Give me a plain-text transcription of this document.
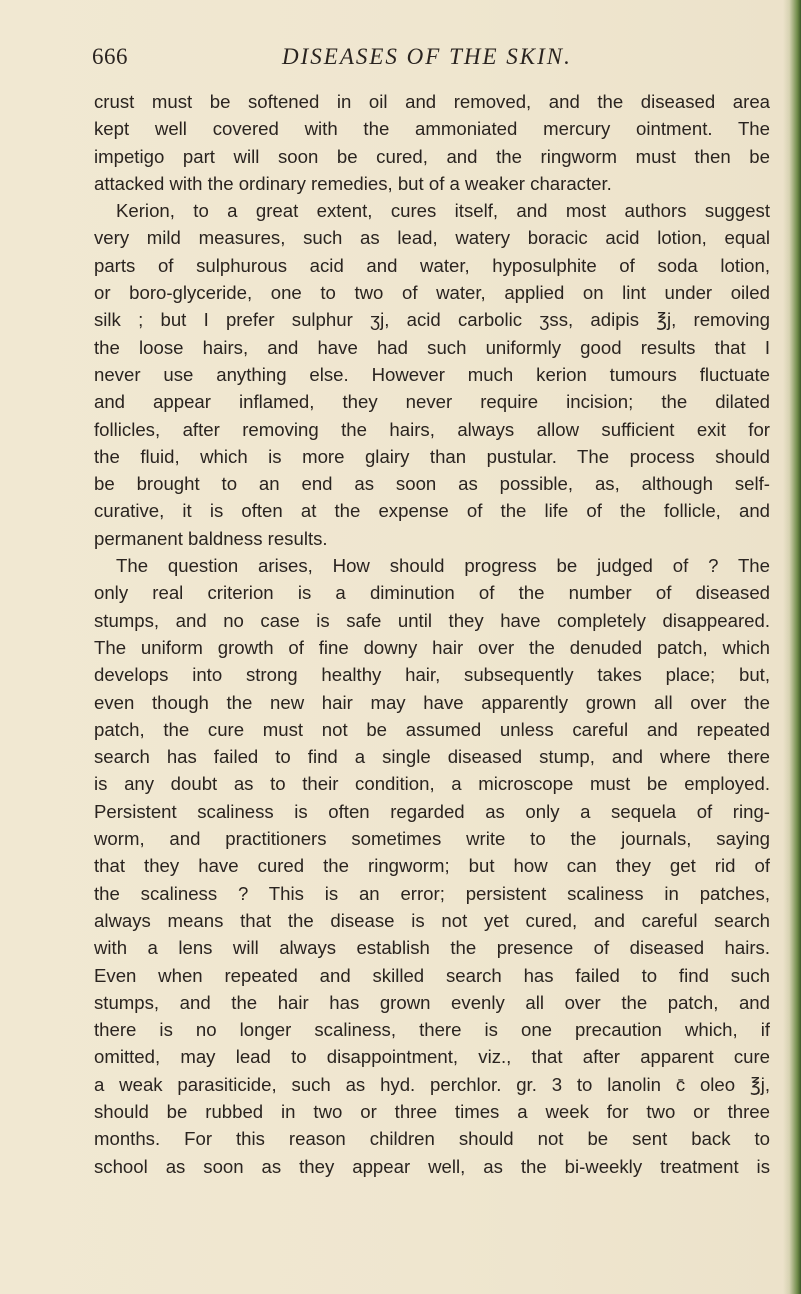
666	DISEASES OF THE SKIN.
crust must be softened in oil and removed, and the diseased area
kept well covered with the ammoniated mercury ointment. The
impetigo part will soon be cured, and the ringworm must then be
attacked with the ordinary remedies, but of a weaker character.
Kerion, to a great extent, cures itself, and most authors suggest
very mild measures, such as lead, watery boracic acid lotion, equal
parts of sulphurous acid and water, hyposulphite of soda lotion,
or boro-glyceride, one to two of water, applied on lint under oiled
silk ; but I prefer sulphur ʒj, acid carbolic ʒss, adipis ℥j, removing
the loose hairs, and have had such uniformly good results that I
never use anything else. However much kerion tumours fluctuate
and appear inflamed, they never require incision; the dilated
follicles, after removing the hairs, always allow sufficient exit for
the fluid, which is more glairy than pustular. The process should
be brought to an end as soon as possible, as, although self-
curative, it is often at the expense of the life of the follicle, and
permanent baldness results.
The question arises, How should progress be judged of ? The
only real criterion is a diminution of the number of diseased
stumps, and no case is safe until they have completely disappeared.
The uniform growth of fine downy hair over the denuded patch, which
develops into strong healthy hair, subsequently takes place; but,
even though the new hair may have apparently grown all over the
patch, the cure must not be assumed unless careful and repeated
search has failed to find a single diseased stump, and where there
is any doubt as to their condition, a microscope must be employed.
Persistent scaliness is often regarded as only a sequela of ring-
worm, and practitioners sometimes write to the journals, saying
that they have cured the ringworm; but how can they get rid of
the scaliness ? This is an error; persistent scaliness in patches,
always means that the disease is not yet cured, and careful search
with a lens will always establish the presence of diseased hairs.
Even when repeated and skilled search has failed to find such
stumps, and the hair has grown evenly all over the patch, and
there is no longer scaliness, there is one precaution which, if
omitted, may lead to disappointment, viz., that after apparent cure
a weak parasiticide, such as hyd. perchlor. gr. 3 to lanolin c̄ oleo ℥j,
should be rubbed in two or three times a week for two or three
months. For this reason children should not be sent back to
school as soon as they appear well, as the bi-weekly treatment is
